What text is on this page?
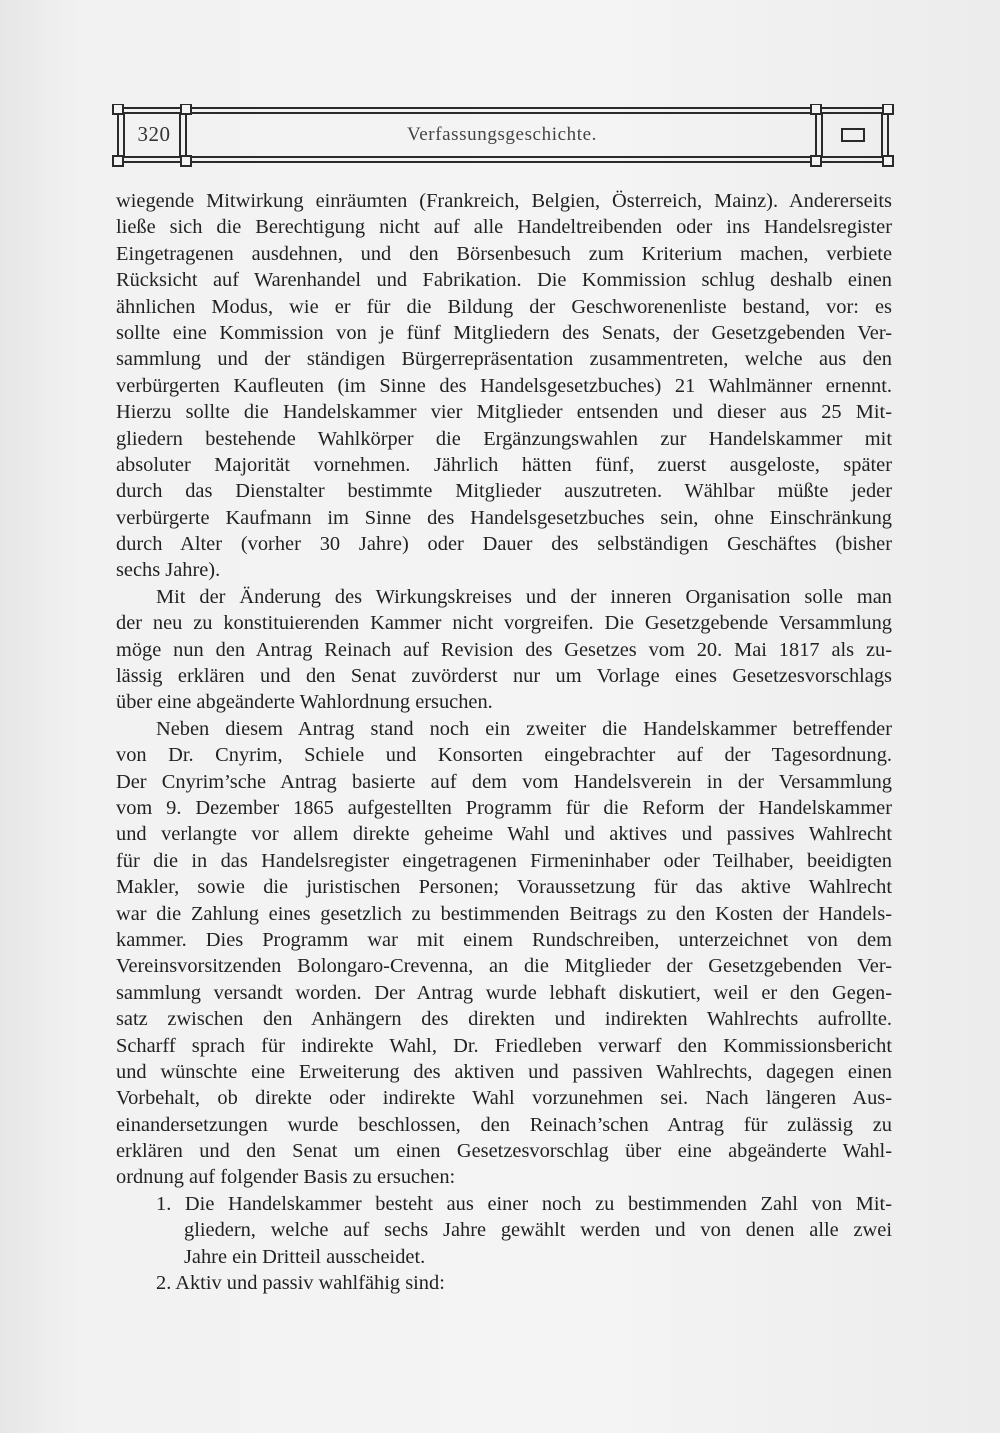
320	Verfassungsgeschichte.
wiegende Mitwirkung einräumten (Frankreich, Belgien, Österreich, Mainz). Andererseits
ließe sich die Berechtigung nicht auf alle Handeltreibenden oder ins Handelsregister
Eingetragenen ausdehnen, und den Börsenbesuch zum Kriterium machen, verbiete
Rücksicht auf Warenhandel und Fabrikation. Die Kommission schlug deshalb einen
ähnlichen Modus, wie er für die Bildung der Geschworenenliste bestand, vor: es
sollte eine Kommission von je fünf Mitgliedern des Senats, der Gesetzgebenden Ver-
sammlung und der ständigen Bürgerrepräsentation zusammentreten, welche aus den
verbürgerten Kaufleuten (im Sinne des Handelsgesetzbuches) 21 Wahlmänner ernennt.
Hierzu sollte die Handelskammer vier Mitglieder entsenden und dieser aus 25 Mit-
gliedern bestehende Wahlkörper die Ergänzungswahlen zur Handelskammer mit
absoluter Majorität vornehmen. Jährlich hätten fünf, zuerst ausgeloste, später
durch das Dienstalter bestimmte Mitglieder auszutreten. Wählbar müßte jeder
verbürgerte Kaufmann im Sinne des Handelsgesetzbuches sein, ohne Einschränkung
durch Alter (vorher 30 Jahre) oder Dauer des selbständigen Geschäftes (bisher
sechs Jahre).
Mit der Änderung des Wirkungskreises und der inneren Organisation solle man
der neu zu konstituierenden Kammer nicht vorgreifen. Die Gesetzgebende Versammlung
möge nun den Antrag Reinach auf Revision des Gesetzes vom 20. Mai 1817 als zu-
lässig erklären und den Senat zuvörderst nur um Vorlage eines Gesetzesvorschlags
über eine abgeänderte Wahlordnung ersuchen.
Neben diesem Antrag stand noch ein zweiter die Handelskammer betreffender
von Dr. Cnyrim, Schiele und Konsorten eingebrachter auf der Tagesordnung.
Der Cnyrim’sche Antrag basierte auf dem vom Handelsverein in der Versammlung
vom 9. Dezember 1865 aufgestellten Programm für die Reform der Handelskammer
und verlangte vor allem direkte geheime Wahl und aktives und passives Wahlrecht
für die in das Handelsregister eingetragenen Firmeninhaber oder Teilhaber, beeidigten
Makler, sowie die juristischen Personen; Voraussetzung für das aktive Wahlrecht
war die Zahlung eines gesetzlich zu bestimmenden Beitrags zu den Kosten der Handels-
kammer. Dies Programm war mit einem Rundschreiben, unterzeichnet von dem
Vereinsvorsitzenden Bolongaro-Crevenna, an die Mitglieder der Gesetzgebenden Ver-
sammlung versandt worden. Der Antrag wurde lebhaft diskutiert, weil er den Gegen-
satz zwischen den Anhängern des direkten und indirekten Wahlrechts aufrollte.
Scharff sprach für indirekte Wahl, Dr. Friedleben verwarf den Kommissionsbericht
und wünschte eine Erweiterung des aktiven und passiven Wahlrechts, dagegen einen
Vorbehalt, ob direkte oder indirekte Wahl vorzunehmen sei. Nach längeren Aus-
einandersetzungen wurde beschlossen, den Reinach’schen Antrag für zulässig zu
erklären und den Senat um einen Gesetzesvorschlag über eine abgeänderte Wahl-
ordnung auf folgender Basis zu ersuchen:
1. Die Handelskammer besteht aus einer noch zu bestimmenden Zahl von Mit-
gliedern, welche auf sechs Jahre gewählt werden und von denen alle zwei
Jahre ein Dritteil ausscheidet.
2. Aktiv und passiv wahlfähig sind:
